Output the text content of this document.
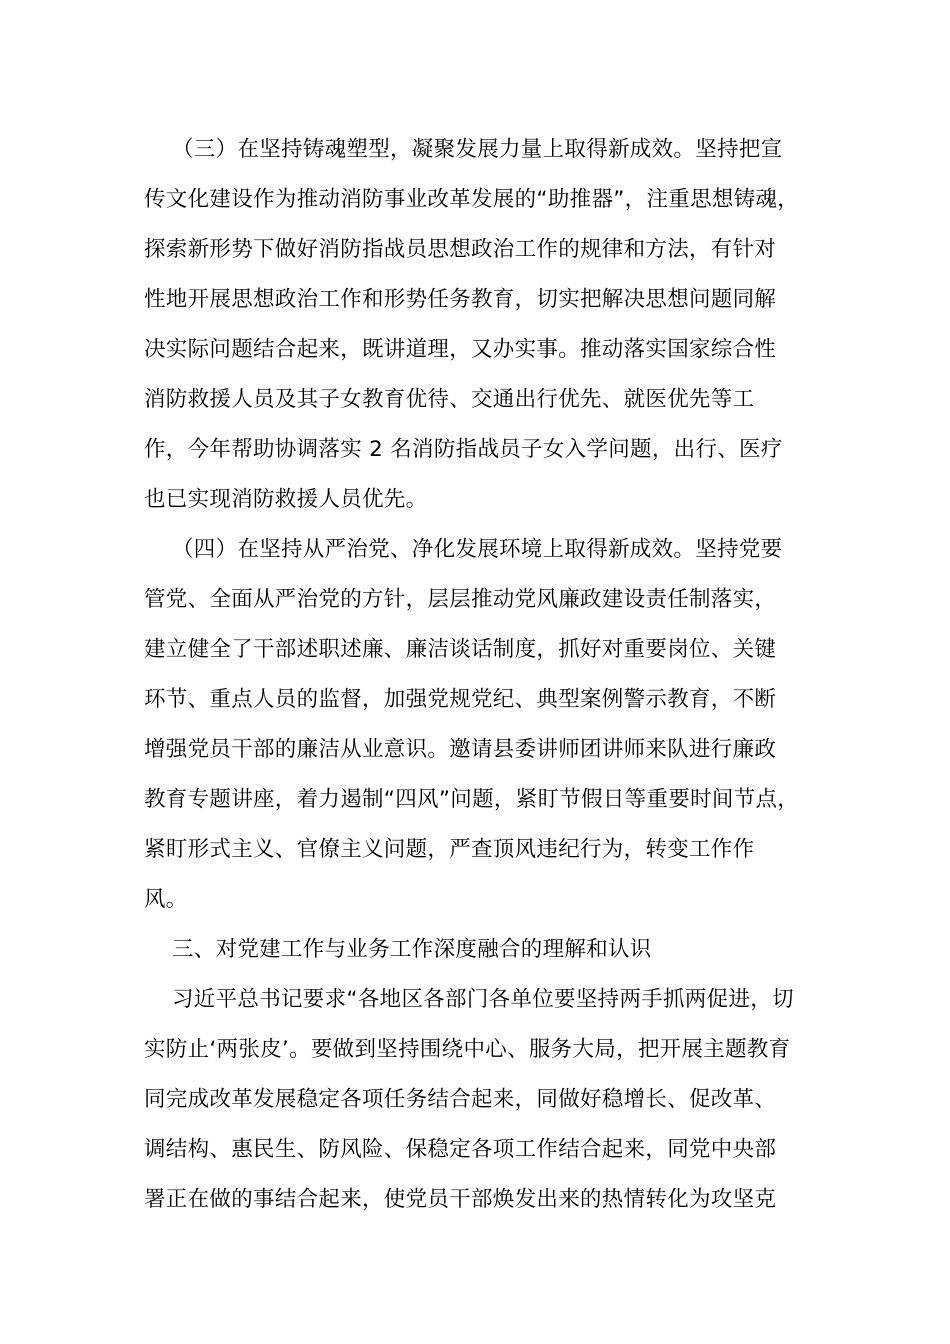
（三）在坚持铸魂塑型，凝聚发展力量上取得新成效。坚持把宣
传文化建设作为推动消防事业改革发展的“助推器”，注重思想铸魂，
探索新形势下做好消防指战员思想政治工作的规律和方法，有针对
性地开展思想政治工作和形势任务教育，切实把解决思想问题同解
决实际问题结合起来，既讲道理，又办实事。推动落实国家综合性
消防救援人员及其子女教育优待、交通出行优先、就医优先等工
作，今年帮助协调落实 2 名消防指战员子女入学问题，出行、医疗
也已实现消防救援人员优先。
（四）在坚持从严治党、净化发展环境上取得新成效。坚持党要
管党、全面从严治党的方针，层层推动党风廉政建设责任制落实，
建立健全了干部述职述廉、廉洁谈话制度，抓好对重要岗位、关键
环节、重点人员的监督，加强党规党纪、典型案例警示教育，不断
增强党员干部的廉洁从业意识。邀请县委讲师团讲师来队进行廉政
教育专题讲座，着力遏制“四风”问题，紧盯节假日等重要时间节点，
紧盯形式主义、官僚主义问题，严查顶风违纪行为，转变工作作
风。
三、对党建工作与业务工作深度融合的理解和认识
习近平总书记要求“各地区各部门各单位要坚持两手抓两促进，切
实防止‘两张皮’。要做到坚持围绕中心、服务大局，把开展主题教育
同完成改革发展稳定各项任务结合起来，同做好稳增长、促改革、
调结构、惠民生、防风险、保稳定各项工作结合起来，同党中央部
署正在做的事结合起来，使党员干部焕发出来的热情转化为攻坚克
